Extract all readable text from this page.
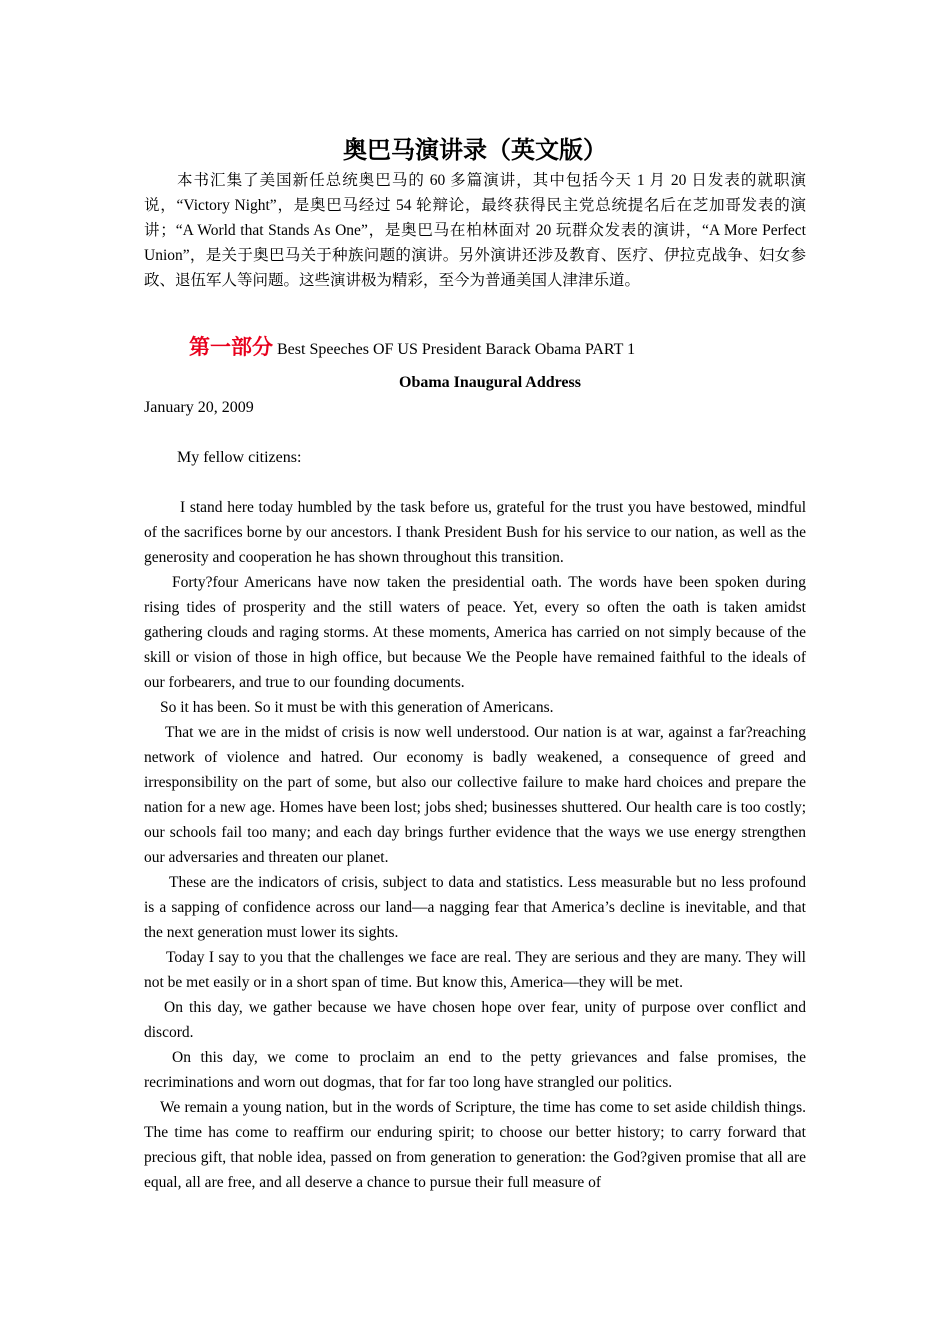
奥巴马演讲录（英文版）

本书汇集了美国新任总统奥巴马的 60 多篇演讲，其中包括今天 1 月 20 日发表的就职演说，“Victory Night”，是奥巴马经过 54 轮辩论，最终获得民主党总统提名后在芝加哥发表的演讲；“A World that Stands As One”，是奥巴马在柏林面对 20 玩群众发表的演讲，“A More Perfect Union”，是关于奥巴马关于种族问题的演讲。另外演讲还涉及教育、医疗、伊拉克战争、妇女参政、退伍军人等问题。这些演讲极为精彩，至今为普通美国人津津乐道。

第一部分 Best Speeches OF US President Barack Obama PART 1
Obama Inaugural Address
January 20, 2009
My fellow citizens:

I stand here today humbled by the task before us, grateful for the trust you have bestowed, mindful of the sacrifices borne by our ancestors. I thank President Bush for his service to our nation, as well as the generosity and cooperation he has shown throughout this transition.

Forty?four Americans have now taken the presidential oath. The words have been spoken during rising tides of prosperity and the still waters of peace. Yet, every so often the oath is taken amidst gathering clouds and raging storms. At these moments, America has carried on not simply because of the skill or vision of those in high office, but because We the People have remained faithful to the ideals of our forbearers, and true to our founding documents.

So it has been. So it must be with this generation of Americans.

That we are in the midst of crisis is now well understood. Our nation is at war, against a far?reaching network of violence and hatred. Our economy is badly weakened, a consequence of greed and irresponsibility on the part of some, but also our collective failure to make hard choices and prepare the nation for a new age. Homes have been lost; jobs shed; businesses shuttered. Our health care is too costly; our schools fail too many; and each day brings further evidence that the ways we use energy strengthen our adversaries and threaten our planet.

These are the indicators of crisis, subject to data and statistics. Less measurable but no less profound is a sapping of confidence across our land—a nagging fear that America’s decline is inevitable, and that the next generation must lower its sights.

Today I say to you that the challenges we face are real. They are serious and they are many. They will not be met easily or in a short span of time. But know this, America—they will be met.

On this day, we gather because we have chosen hope over fear, unity of purpose over conflict and discord.

On this day, we come to proclaim an end to the petty grievances and false promises, the recriminations and worn out dogmas, that for far too long have strangled our politics.

We remain a young nation, but in the words of Scripture, the time has come to set aside childish things. The time has come to reaffirm our enduring spirit; to choose our better history; to carry forward that precious gift, that noble idea, passed on from generation to generation: the God?given promise that all are equal, all are free, and all deserve a chance to pursue their full measure of
